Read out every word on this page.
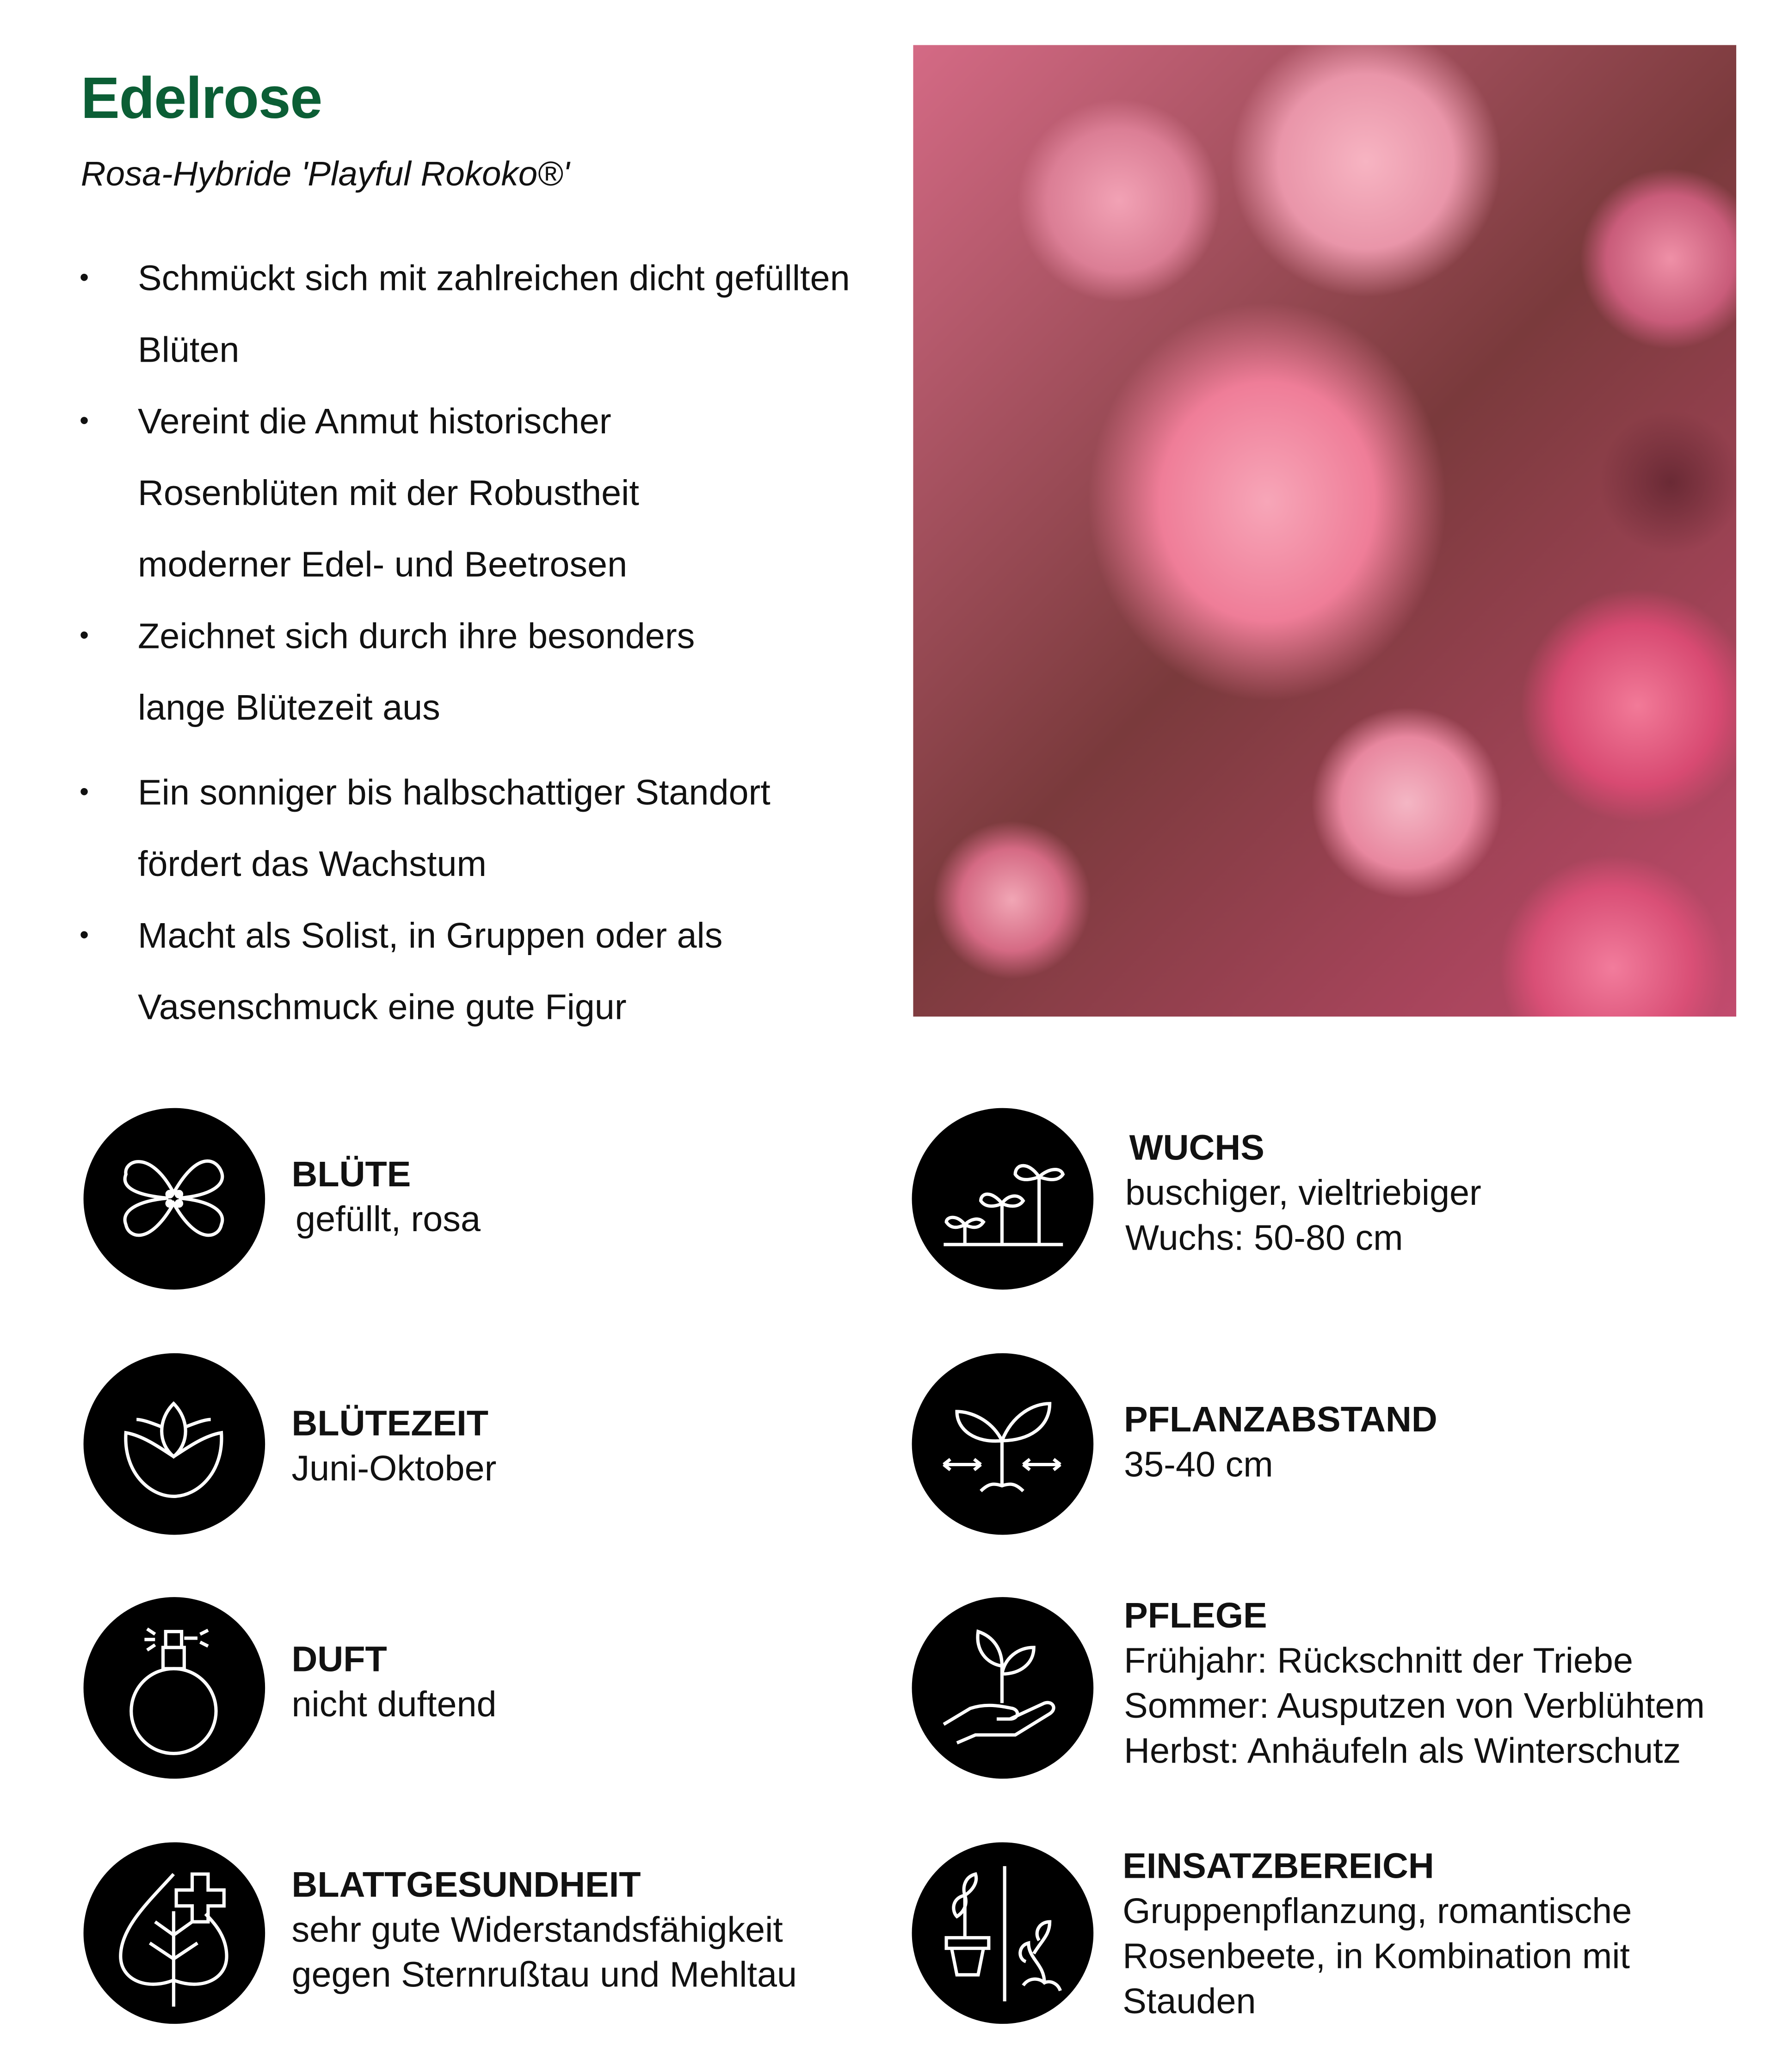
Edelrose
Rosa-Hybride 'Playful Rokoko®'
• Schmückt sich mit zahlreichen dicht gefüllten Blüten
• Vereint die Anmut historischer Rosenblüten mit der Robustheit moderner Edel- und Beetrosen
• Zeichnet sich durch ihre besonders lange Blütezeit aus
• Ein sonniger bis halbschattiger Standort fördert das Wachstum
• Macht als Solist, in Gruppen oder als Vasenschmuck eine gute Figur
BLÜTE
gefüllt, rosa
BLÜTEZEIT
Juni-Oktober
DUFT
nicht duftend
BLATTGESUNDHEIT
sehr gute Widerstandsfähigkeit
gegen Sternrußtau und Mehltau
WUCHS
buschiger, vieltriebiger
Wuchs: 50-80 cm
PFLANZABSTAND
35-40 cm
PFLEGE
Frühjahr: Rückschnitt der Triebe
Sommer: Ausputzen von Verblühtem
Herbst: Anhäufeln als Winterschutz
EINSATZBEREICH
Gruppenpflanzung, romantische
Rosenbeete, in Kombination mit
Stauden
